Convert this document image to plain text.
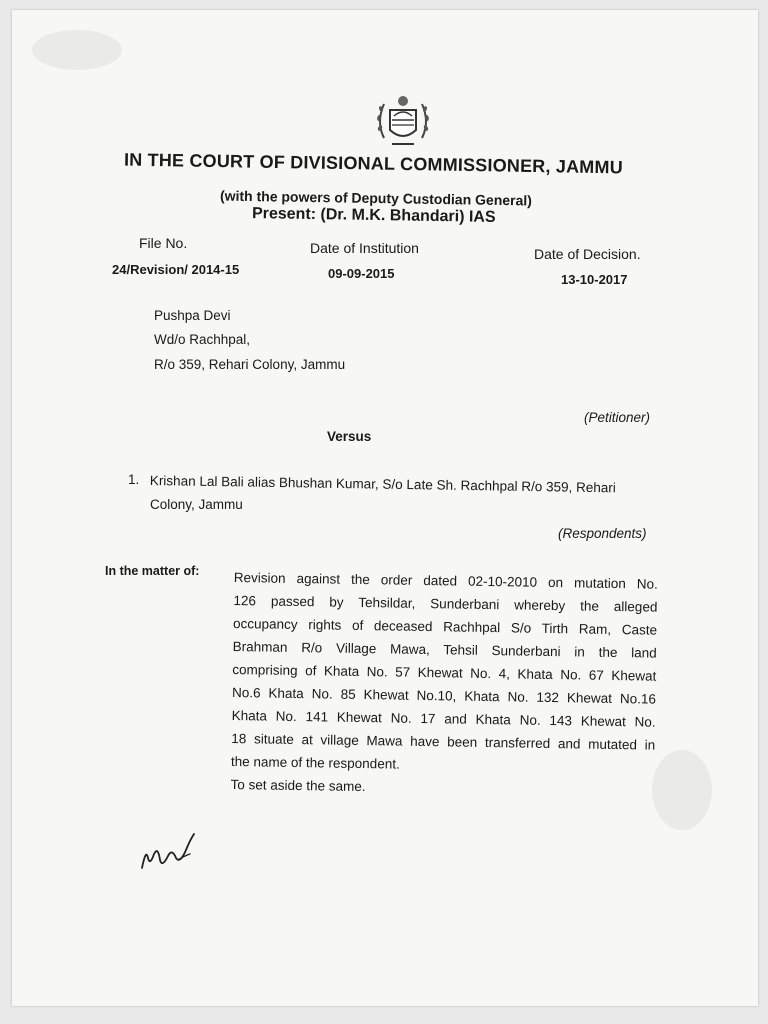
IN THE COURT OF DIVISIONAL COMMISSIONER, JAMMU
(with the powers of Deputy Custodian General)
Present: (Dr. M.K. Bhandari) IAS
File No.
24/Revision/ 2014-15
Date of Institution
09-09-2015
Date of Decision.
13-10-2017
Pushpa Devi
Wd/o Rachhpal,
R/o 359, Rehari Colony, Jammu
(Petitioner)
Versus
1. Krishan Lal Bali alias Bhushan Kumar, S/o Late Sh. Rachhpal R/o 359, Rehari
Colony, Jammu
(Respondents)
In the matter of:	Revision against the order dated 02-10-2010 on mutation No.
126 passed by Tehsildar, Sunderbani whereby the alleged
occupancy rights of deceased Rachhpal S/o Tirth Ram, Caste
Brahman R/o Village Mawa, Tehsil Sunderbani in the land
comprising of Khata No. 57 Khewat No. 4, Khata No. 67 Khewat
No.6 Khata No. 85 Khewat No.10, Khata No. 132 Khewat No.16
Khata No. 141 Khewat No. 17 and Khata No. 143 Khewat No.
18 situate at village Mawa have been transferred and mutated in
the name of the respondent.
To set aside the same.
